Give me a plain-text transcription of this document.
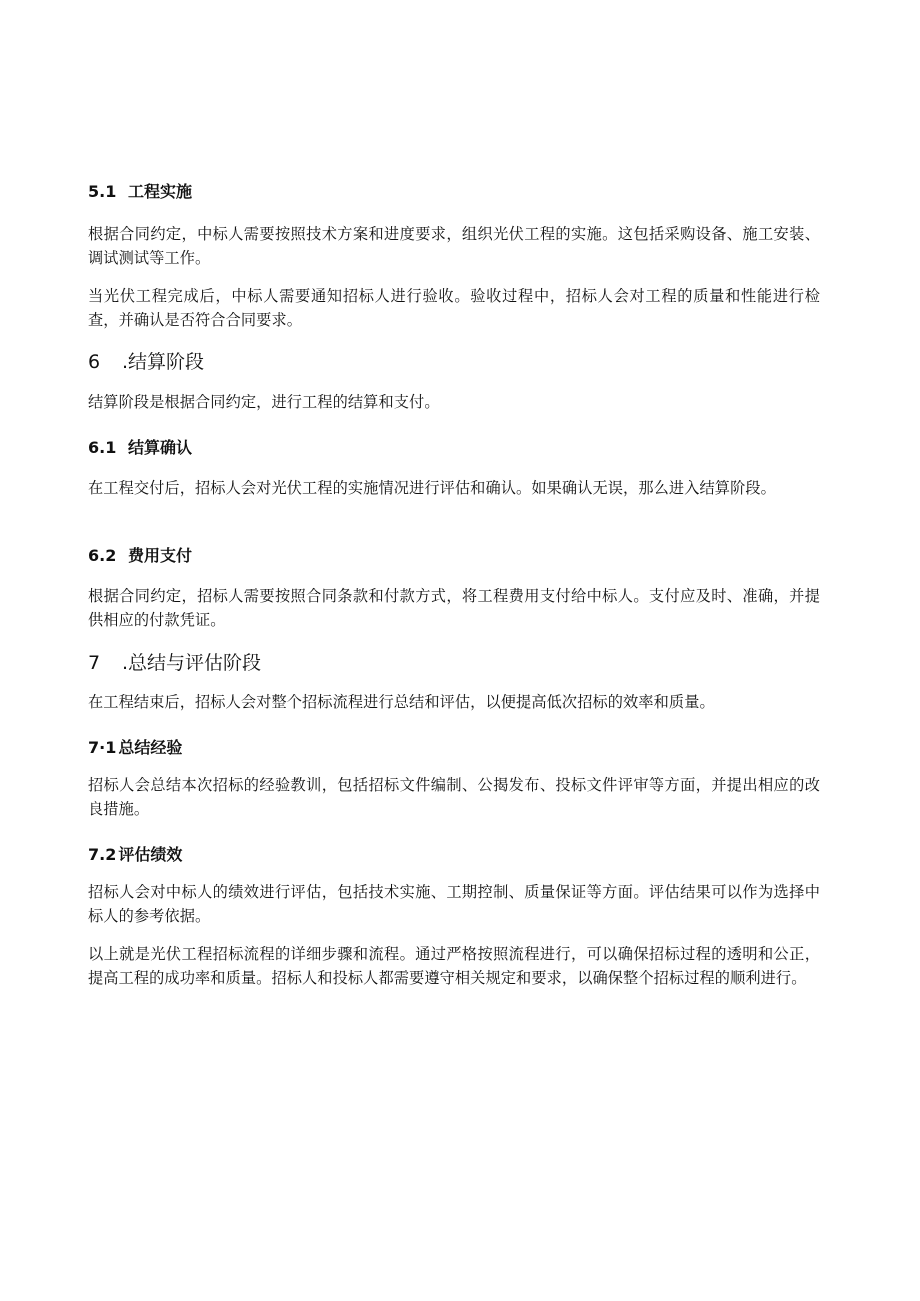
5.1 工程实施
根据合同约定，中标人需要按照技术方案和进度要求，组织光伏工程的实施。这包括采购设备、施工安装、调试测试等工作。
当光伏工程完成后，中标人需要通知招标人进行验收。验收过程中，招标人会对工程的质量和性能进行检查，并确认是否符合合同要求。
6 .结算阶段
结算阶段是根据合同约定，进行工程的结算和支付。
6.1 结算确认
在工程交付后，招标人会对光伏工程的实施情况进行评估和确认。如果确认无误，那么进入结算阶段。
6.2 费用支付
根据合同约定，招标人需要按照合同条款和付款方式，将工程费用支付给中标人。支付应及时、准确，并提供相应的付款凭证。
7 .总结与评估阶段
在工程结束后，招标人会对整个招标流程进行总结和评估，以便提高低次招标的效率和质量。
7·1 总结经验
招标人会总结本次招标的经验教训，包括招标文件编制、公揭发布、投标文件评审等方面，并提出相应的改良措施。
7.2 评估绩效
招标人会对中标人的绩效进行评估，包括技术实施、工期控制、质量保证等方面。评估结果可以作为选择中标人的参考依据。
以上就是光伏工程招标流程的详细步骤和流程。通过严格按照流程进行，可以确保招标过程的透明和公正，提高工程的成功率和质量。招标人和投标人都需要遵守相关规定和要求，以确保整个招标过程的顺利进行。
